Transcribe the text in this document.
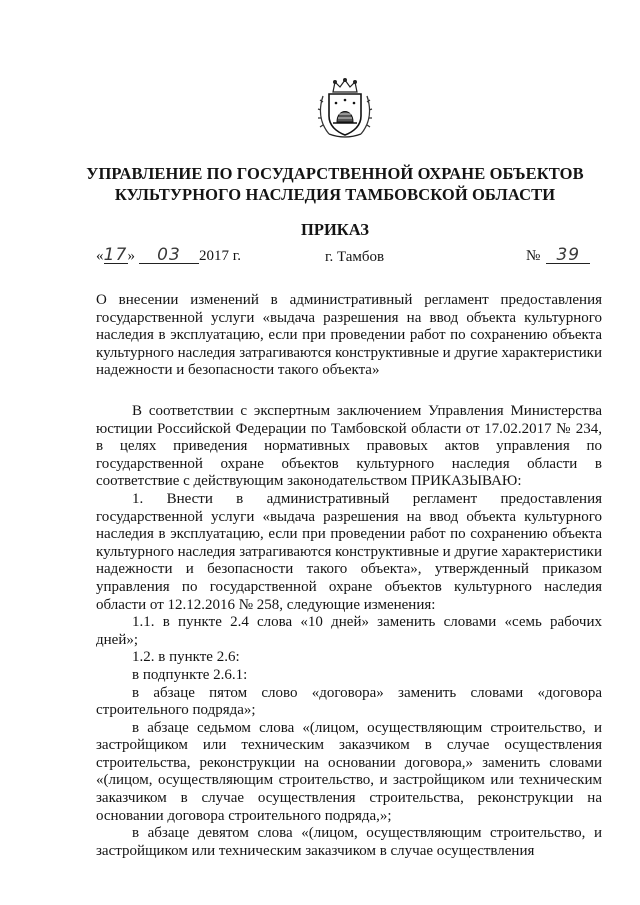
УПРАВЛЕНИЕ ПО ГОСУДАРСТВЕННОЙ ОХРАНЕ ОБЪЕКТОВ
КУЛЬТУРНОГО НАСЛЕДИЯ ТАМБОВСКОЙ ОБЛАСТИ
ПРИКАЗ
«17» 03 2017 г.	г. Тамбов	№ 39
О внесении изменений в административный регламент предоставления государственной услуги «выдача разрешения на ввод объекта культурного наследия в эксплуатацию, если при проведении работ по сохранению объекта культурного наследия затрагиваются конструктивные и другие характеристики надежности и безопасности такого объекта»

В соответствии с экспертным заключением Управления Министерства юстиции Российской Федерации по Тамбовской области от 17.02.2017 № 234, в целях приведения нормативных правовых актов управления по государственной охране объектов культурного наследия области в соответствие с действующим законодательством ПРИКАЗЫВАЮ:

1. Внести в административный регламент предоставления государственной услуги «выдача разрешения на ввод объекта культурного наследия в эксплуатацию, если при проведении работ по сохранению объекта культурного наследия затрагиваются конструктивные и другие характеристики надежности и безопасности такого объекта», утвержденный приказом управления по государственной охране объектов культурного наследия области от 12.12.2016 № 258, следующие изменения:

1.1. в пункте 2.4 слова «10 дней» заменить словами «семь рабочих дней»;

1.2. в пункте 2.6:

в подпункте 2.6.1:

в абзаце пятом слово «договора» заменить словами «договора строительного подряда»;

в абзаце седьмом слова «(лицом, осуществляющим строительство, и застройщиком или техническим заказчиком в случае осуществления строительства, реконструкции на основании договора,» заменить словами «(лицом, осуществляющим строительство, и застройщиком или техническим заказчиком в случае осуществления строительства, реконструкции на основании договора строительного подряда,»;

в абзаце девятом слова «(лицом, осуществляющим строительство, и застройщиком или техническим заказчиком в случае осуществления
